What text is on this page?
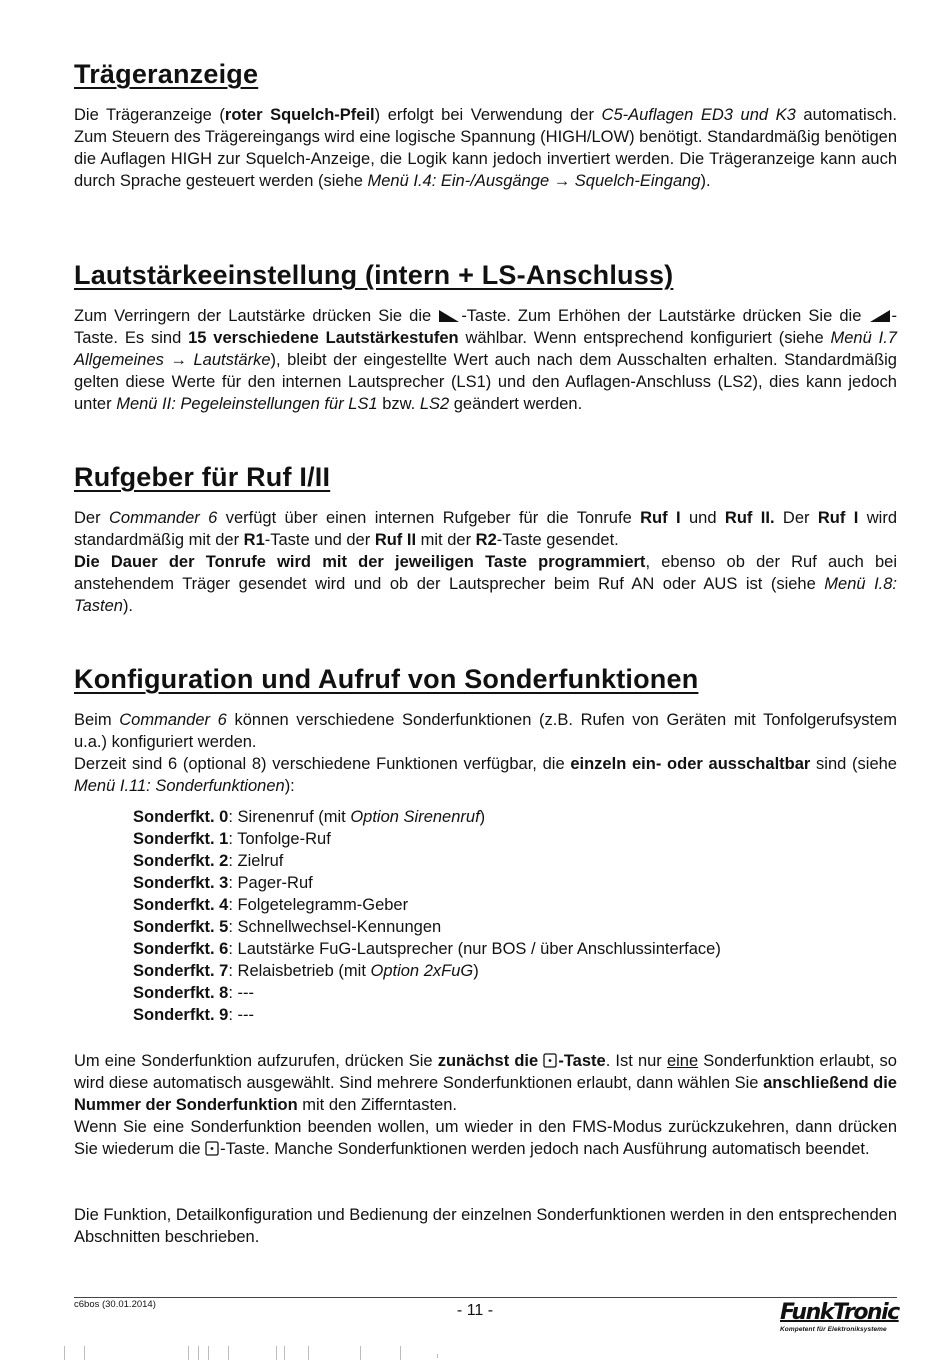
Trägeranzeige

Die Trägeranzeige (roter Squelch-Pfeil) erfolgt bei Verwendung der C5-Auflagen ED3 und K3 automatisch. Zum Steuern des Trägereingangs wird eine logische Spannung (HIGH/LOW) benötigt. Standardmäßig benötigen die Auflagen HIGH zur Squelch-Anzeige, die Logik kann jedoch invertiert werden. Die Trägeranzeige kann auch durch Sprache gesteuert werden (siehe Menü I.4: Ein-/Ausgänge → Squelch-Eingang).

Lautstärkeeinstellung (intern + LS-Anschluss)

Zum Verringern der Lautstärke drücken Sie die -Taste. Zum Erhöhen der Lautstärke drücken Sie die -Taste. Es sind 15 verschiedene Lautstärkestufen wählbar. Wenn entsprechend konfiguriert (siehe Menü I.7 Allgemeines → Lautstärke), bleibt der eingestellte Wert auch nach dem Ausschalten erhalten. Standardmäßig gelten diese Werte für den internen Lautsprecher (LS1) und den Auflagen-Anschluss (LS2), dies kann jedoch unter Menü II: Pegeleinstellungen für LS1 bzw. LS2 geändert werden.

Rufgeber für Ruf I/II

Der Commander 6 verfügt über einen internen Rufgeber für die Tonrufe Ruf I und Ruf II. Der Ruf I wird standardmäßig mit der R1-Taste und der Ruf II mit der R2-Taste gesendet.
Die Dauer der Tonrufe wird mit der jeweiligen Taste programmiert, ebenso ob der Ruf auch bei anstehendem Träger gesendet wird und ob der Lautsprecher beim Ruf AN oder AUS ist (siehe Menü I.8: Tasten).

Konfiguration und Aufruf von Sonderfunktionen

Beim Commander 6 können verschiedene Sonderfunktionen (z.B. Rufen von Geräten mit Tonfolgerufsystem u.a.) konfiguriert werden.
Derzeit sind 6 (optional 8) verschiedene Funktionen verfügbar, die einzeln ein- oder ausschaltbar sind (siehe Menü I.11: Sonderfunktionen):

Sonderfkt. 0: Sirenenruf (mit Option Sirenenruf)
Sonderfkt. 1: Tonfolge-Ruf
Sonderfkt. 2: Zielruf
Sonderfkt. 3: Pager-Ruf
Sonderfkt. 4: Folgetelegramm-Geber
Sonderfkt. 5: Schnellwechsel-Kennungen
Sonderfkt. 6: Lautstärke FuG-Lautsprecher (nur BOS / über Anschlussinterface)
Sonderfkt. 7: Relaisbetrieb (mit Option 2xFuG)
Sonderfkt. 8: ---
Sonderfkt. 9: ---

Um eine Sonderfunktion aufzurufen, drücken Sie zunächst die -Taste. Ist nur eine Sonderfunktion erlaubt, so wird diese automatisch ausgewählt. Sind mehrere Sonderfunktionen erlaubt, dann wählen Sie anschließend die Nummer der Sonderfunktion mit den Zifferntasten.
Wenn Sie eine Sonderfunktion beenden wollen, um wieder in den FMS-Modus zurückzukehren, dann drücken Sie wiederum die -Taste. Manche Sonderfunktionen werden jedoch nach Ausführung automatisch beendet.

Die Funktion, Detailkonfiguration und Bedienung der einzelnen Sonderfunktionen werden in den entsprechenden Abschnitten beschrieben.

c6bos (30.01.2014)	- 11 -	FunkTronic
Kompetent für Elektroniksysteme
